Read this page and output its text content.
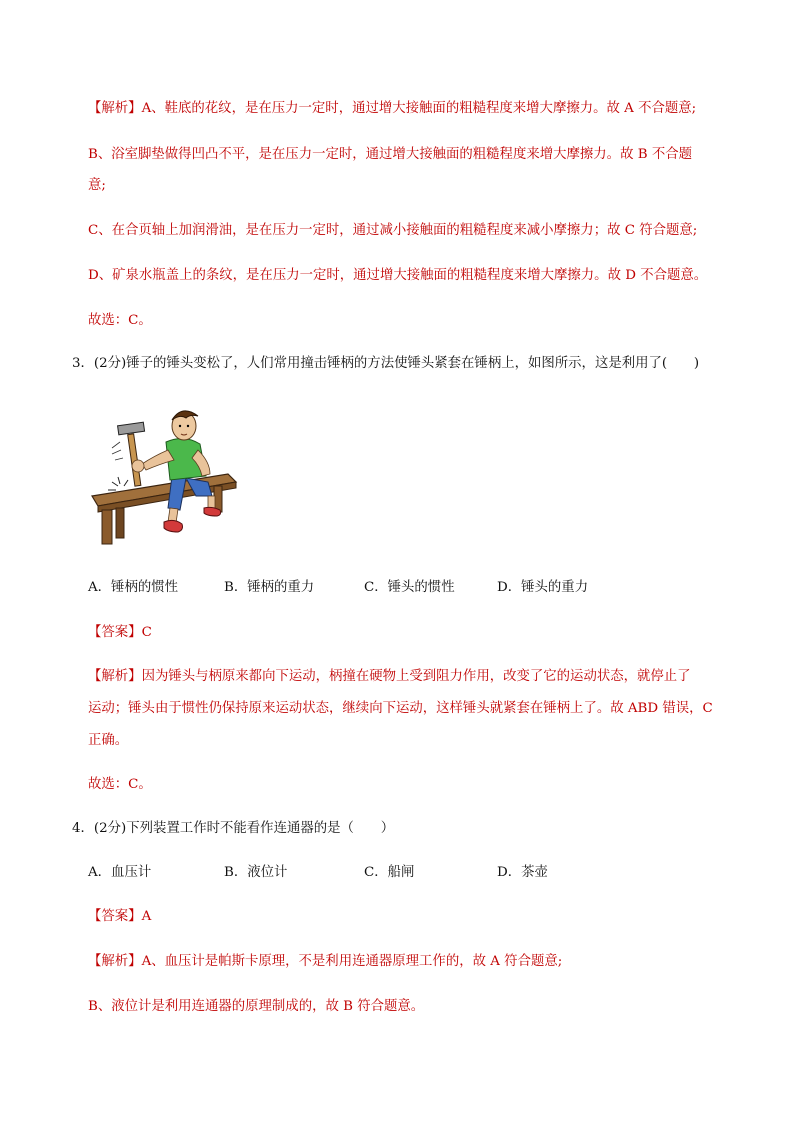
【解析】A、鞋底的花纹，是在压力一定时，通过增大接触面的粗糙程度来增大摩擦力。故 A 不合题意;
B、浴室脚垫做得凹凸不平，是在压力一定时，通过增大接触面的粗糙程度来增大摩擦力。故 B 不合题
意;
C、在合页轴上加润滑油，是在压力一定时，通过减小接触面的粗糙程度来减小摩擦力；故 C 符合题意;
D、矿泉水瓶盖上的条纹，是在压力一定时，通过增大接触面的粗糙程度来增大摩擦力。故 D 不合题意。
故选：C。
3．(2分)锤子的锤头变松了，人们常用撞击锤柄的方法使锤头紧套在锤柄上，如图所示，这是利用了(　　)
A．锤柄的惯性	B．锤柄的重力	C．锤头的惯性	D．锤头的重力
【答案】C
【解析】因为锤头与柄原来都向下运动，柄撞在硬物上受到阻力作用，改变了它的运动状态，就停止了
运动；锤头由于惯性仍保持原来运动状态，继续向下运动，这样锤头就紧套在锤柄上了。故 ABD 错误，C
正确。
故选：C。
4．(2分)下列装置工作时不能看作连通器的是（　　）
A．血压计	B．液位计	C．船闸	D．茶壶
【答案】A
【解析】A、血压计是帕斯卡原理，不是利用连通器原理工作的，故 A 符合题意;
B、液位计是利用连通器的原理制成的，故 B 符合题意。
